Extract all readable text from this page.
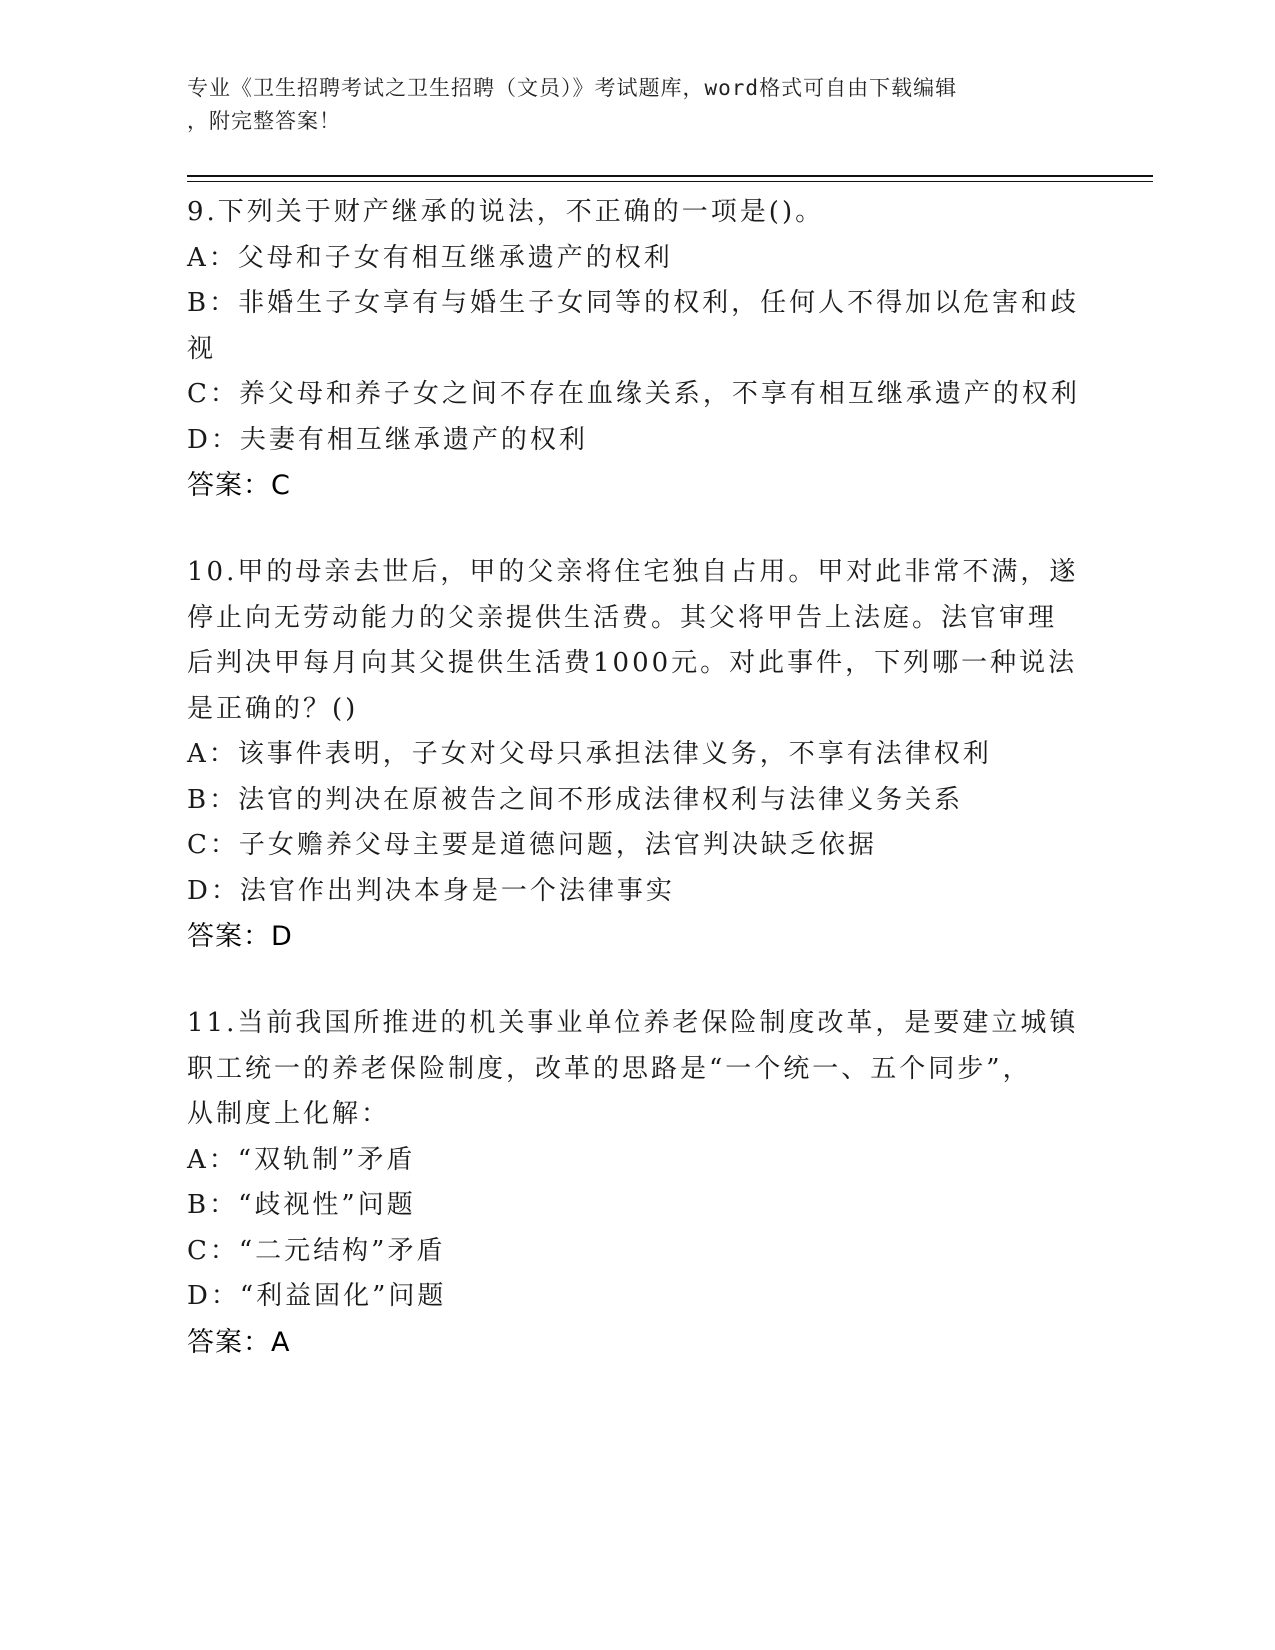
专业《卫生招聘考试之卫生招聘（文员）》考试题库，word格式可自由下载编辑
，附完整答案！
9.下列关于财产继承的说法，不正确的一项是()。
A：父母和子女有相互继承遗产的权利
B：非婚生子女享有与婚生子女同等的权利，任何人不得加以危害和歧
视
C：养父母和养子女之间不存在血缘关系，不享有相互继承遗产的权利
D：夫妻有相互继承遗产的权利
答案：C
10.甲的母亲去世后，甲的父亲将住宅独自占用。甲对此非常不满，遂
停止向无劳动能力的父亲提供生活费。其父将甲告上法庭。法官审理
后判决甲每月向其父提供生活费1000元。对此事件，下列哪一种说法
是正确的？()
A：该事件表明，子女对父母只承担法律义务，不享有法律权利
B：法官的判决在原被告之间不形成法律权利与法律义务关系
C：子女赡养父母主要是道德问题，法官判决缺乏依据
D：法官作出判决本身是一个法律事实
答案：D
11.当前我国所推进的机关事业单位养老保险制度改革，是要建立城镇
职工统一的养老保险制度，改革的思路是“一个统一、五个同步”，
从制度上化解：
A：“双轨制”矛盾
B：“歧视性”问题
C：“二元结构”矛盾
D：“利益固化”问题
答案：A
